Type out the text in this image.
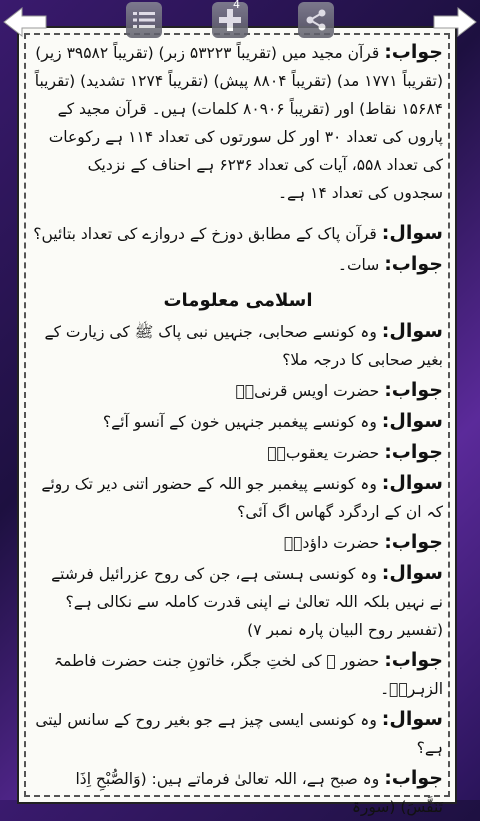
جواب: قرآن مجید میں (تقریباً ۵۳۲۲۳ زبر) (تقریباً ۳۹۵۸۲ زیر) (تقریباً ۱۷۷۱ مد) (تقریباً ۸۸۰۴ پیش) (تقریباً ۱۲۷۴ تشدید) (تقریباً ۱۵۶۸۴ نقاط) اور (تقریباً ۸۰۹۰۶ کلمات) ہیں۔ قرآن مجید کے پاروں کی تعداد ۳۰ اور کل سورتوں کی تعداد ۱۱۴ ہے رکوعات کی تعداد ۵۵۸، آیات کی تعداد ۶۲۳۶ ہے احناف کے نزدیک سجدوں کی تعداد ۱۴ ہے۔

سوال: قرآن پاک کے مطابق دوزخ کے دروازے کی تعداد بتائیں؟

جواب: سات۔

اسلامی معلومات

سوال: وہ کونسے صحابی، جنہیں نبی پاک ﷺ کی زیارت کے بغیر صحابی کا درجہ ملا؟

جواب: حضرت اویس قرنیؓ۔

سوال: وہ کونسے پیغمبر جنہیں خون کے آنسو آئے؟

جواب: حضرت یعقوبؑ۔

سوال: وہ کونسے پیغمبر جو اللہ کے حضور اتنی دیر تک روئے کہ ان کے اردگرد گھاس اگ آئی؟

جواب: حضرت داؤدؑ۔

سوال: وہ کونسی ہستی ہے، جن کی روح عزرائیل فرشتے نے نہیں بلکہ اللہ تعالیٰ نے اپنی قدرت کاملہ سے نکالی ہے؟ (تفسیر روح البیان پارہ نمبر ۷)

جواب: حضور ﷺ کی لختِ جگر، خاتونِ جنت حضرت فاطمۃ الزہرہؓ۔

سوال: وہ کونسی ایسی چیز ہے جو بغیر روح کے سانس لیتی ہے؟

جواب: وہ صبح ہے، اللہ تعالیٰ فرماتے ہیں: (وَالصُّبْحِ اِذَا تَنَفَّسَ) (سورۃ

4
